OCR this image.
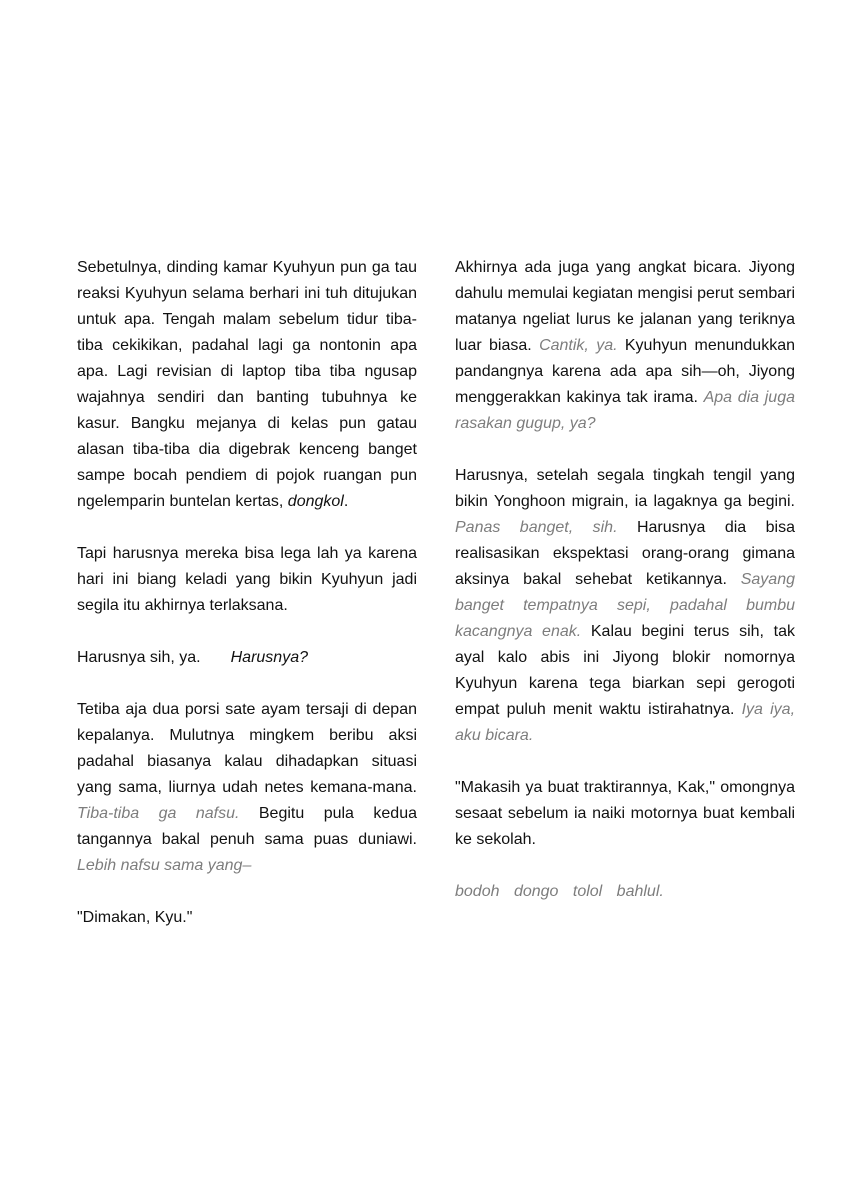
Sebetulnya, dinding kamar Kyuhyun pun ga tau reaksi Kyuhyun selama berhari ini tuh ditujukan untuk apa. Tengah malam sebelum tidur tiba-tiba cekikikan, padahal lagi ga nontonin apa apa. Lagi revisian di laptop tiba tiba ngusap wajahnya sendiri dan banting tubuhnya ke kasur. Bangku mejanya di kelas pun gatau alasan tiba-tiba dia digebrak kenceng banget sampe bocah pendiem di pojok ruangan pun ngelemparin buntelan kertas, dongkol.

Tapi harusnya mereka bisa lega lah ya karena hari ini biang keladi yang bikin Kyuhyun jadi segila itu akhirnya terlaksana.

Harusnya sih, ya. Harusnya?

Tetiba aja dua porsi sate ayam tersaji di depan kepalanya. Mulutnya mingkem beribu aksi padahal biasanya kalau dihadapkan situasi yang sama, liurnya udah netes kemana-mana. Tiba-tiba ga nafsu. Begitu pula kedua tangannya bakal penuh sama puas duniawi. Lebih nafsu sama yang–

"Dimakan, Kyu."

Akhirnya ada juga yang angkat bicara. Jiyong dahulu memulai kegiatan mengisi perut sembari matanya ngeliat lurus ke jalanan yang teriknya luar biasa. Cantik, ya. Kyuhyun menundukkan pandangnya karena ada apa sih—oh, Jiyong menggerakkan kakinya tak irama. Apa dia juga rasakan gugup, ya?

Harusnya, setelah segala tingkah tengil yang bikin Yonghoon migrain, ia lagaknya ga begini. Panas banget, sih. Harusnya dia bisa realisasikan ekspektasi orang-orang gimana aksinya bakal sehebat ketikannya. Sayang banget tempatnya sepi, padahal bumbu kacangnya enak. Kalau begini terus sih, tak ayal kalo abis ini Jiyong blokir nomornya Kyuhyun karena tega biarkan sepi gerogoti empat puluh menit waktu istirahatnya. Iya iya, aku bicara.

"Makasih ya buat traktirannya, Kak," omongnya sesaat sebelum ia naiki motornya buat kembali ke sekolah.

bodoh dongo tolol bahlul.
